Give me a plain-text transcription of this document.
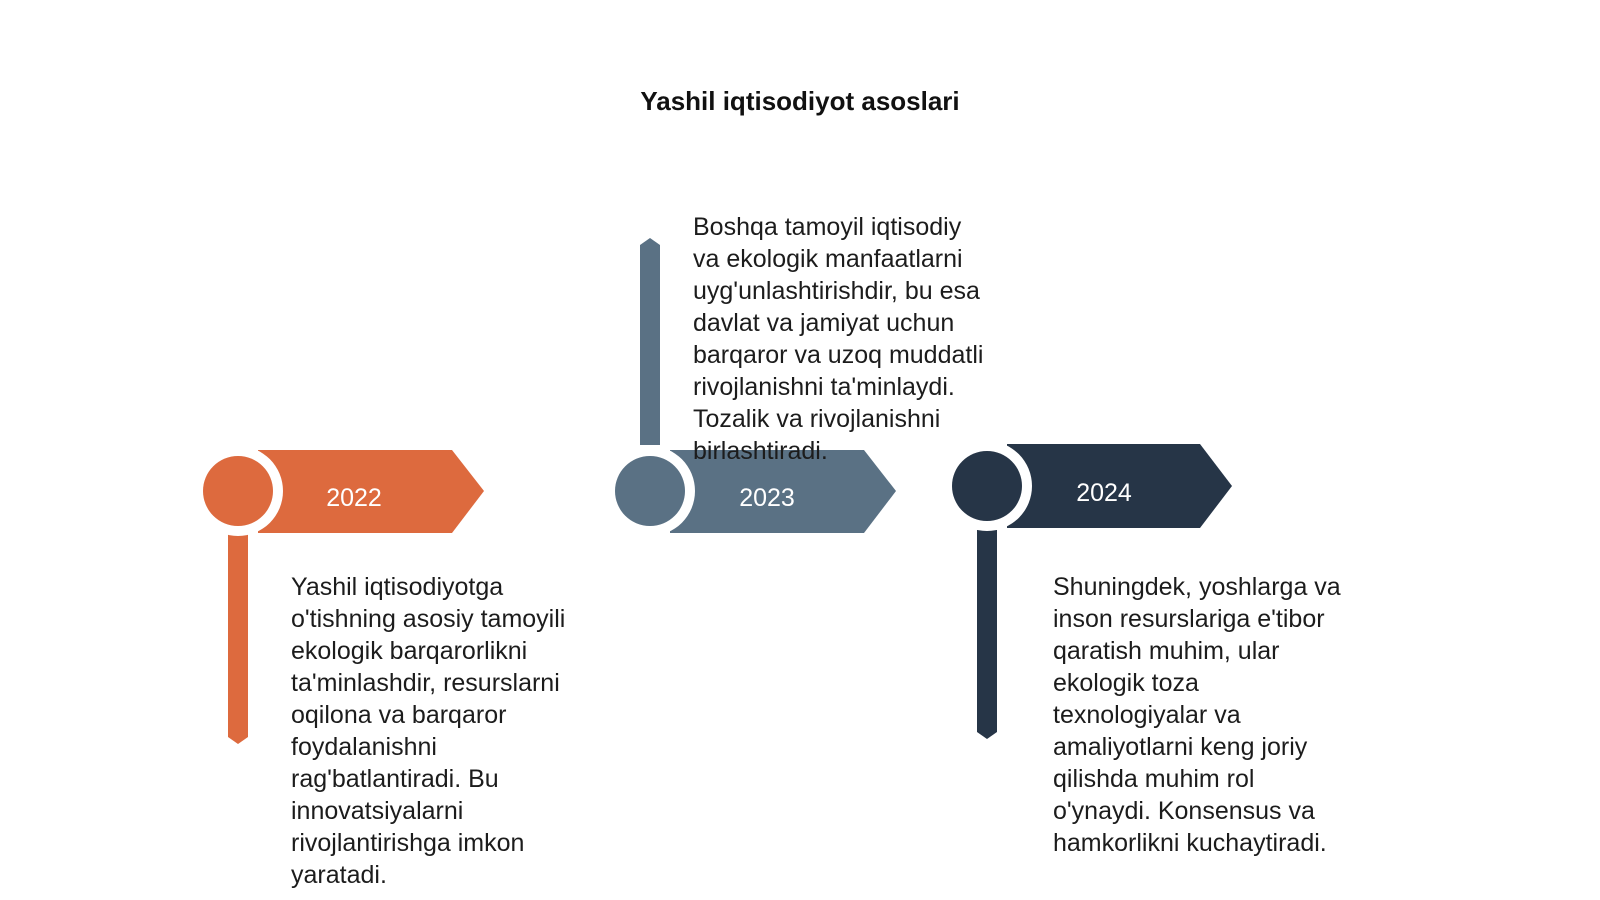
Yashil iqtisodiyot asoslari
2022	2023	2024
Yashil iqtisodiyotga
o'tishning asosiy tamoyili
ekologik barqarorlikni
ta'minlashdir, resurslarni
oqilona va barqaror
foydalanishni
rag'batlantiradi. Bu
innovatsiyalarni
rivojlantirishga imkon
yaratadi.
Boshqa tamoyil iqtisodiy
va ekologik manfaatlarni
uyg'unlashtirishdir, bu esa
davlat va jamiyat uchun
barqaror va uzoq muddatli
rivojlanishni ta'minlaydi.
Tozalik va rivojlanishni
birlashtiradi.
Shuningdek, yoshlarga va
inson resurslariga e'tibor
qaratish muhim, ular
ekologik toza
texnologiyalar va
amaliyotlarni keng joriy
qilishda muhim rol
o'ynaydi. Konsensus va
hamkorlikni kuchaytiradi.
